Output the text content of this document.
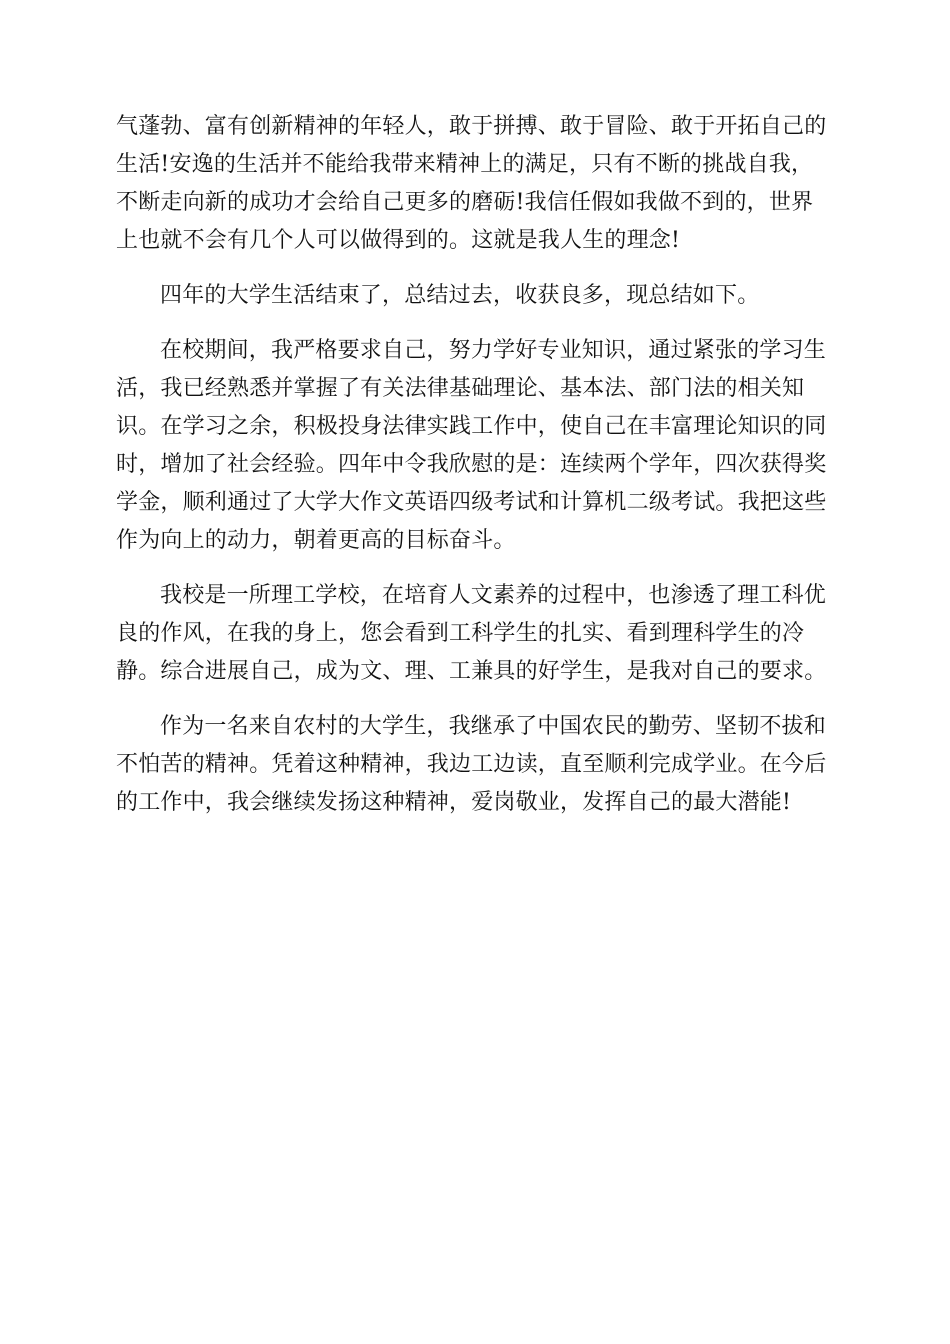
气蓬勃、富有创新精神的年轻人，敢于拼搏、敢于冒险、敢于开拓自己的
生活!安逸的生活并不能给我带来精神上的满足，只有不断的挑战自我，
不断走向新的成功才会给自己更多的磨砺!我信任假如我做不到的，世界
上也就不会有几个人可以做得到的。这就是我人生的理念!

四年的大学生活结束了，总结过去，收获良多，现总结如下。

在校期间，我严格要求自己，努力学好专业知识，通过紧张的学习生
活，我已经熟悉并掌握了有关法律基础理论、基本法、部门法的相关知
识。在学习之余，积极投身法律实践工作中，使自己在丰富理论知识的同
时，增加了社会经验。四年中令我欣慰的是：连续两个学年，四次获得奖
学金，顺利通过了大学大作文英语四级考试和计算机二级考试。我把这些
作为向上的动力，朝着更高的目标奋斗。

我校是一所理工学校，在培育人文素养的过程中，也渗透了理工科优
良的作风，在我的身上，您会看到工科学生的扎实、看到理科学生的冷
静。综合进展自己，成为文、理、工兼具的好学生，是我对自己的要求。

作为一名来自农村的大学生，我继承了中国农民的勤劳、坚韧不拔和
不怕苦的精神。凭着这种精神，我边工边读，直至顺利完成学业。在今后
的工作中，我会继续发扬这种精神，爱岗敬业，发挥自己的最大潜能!
